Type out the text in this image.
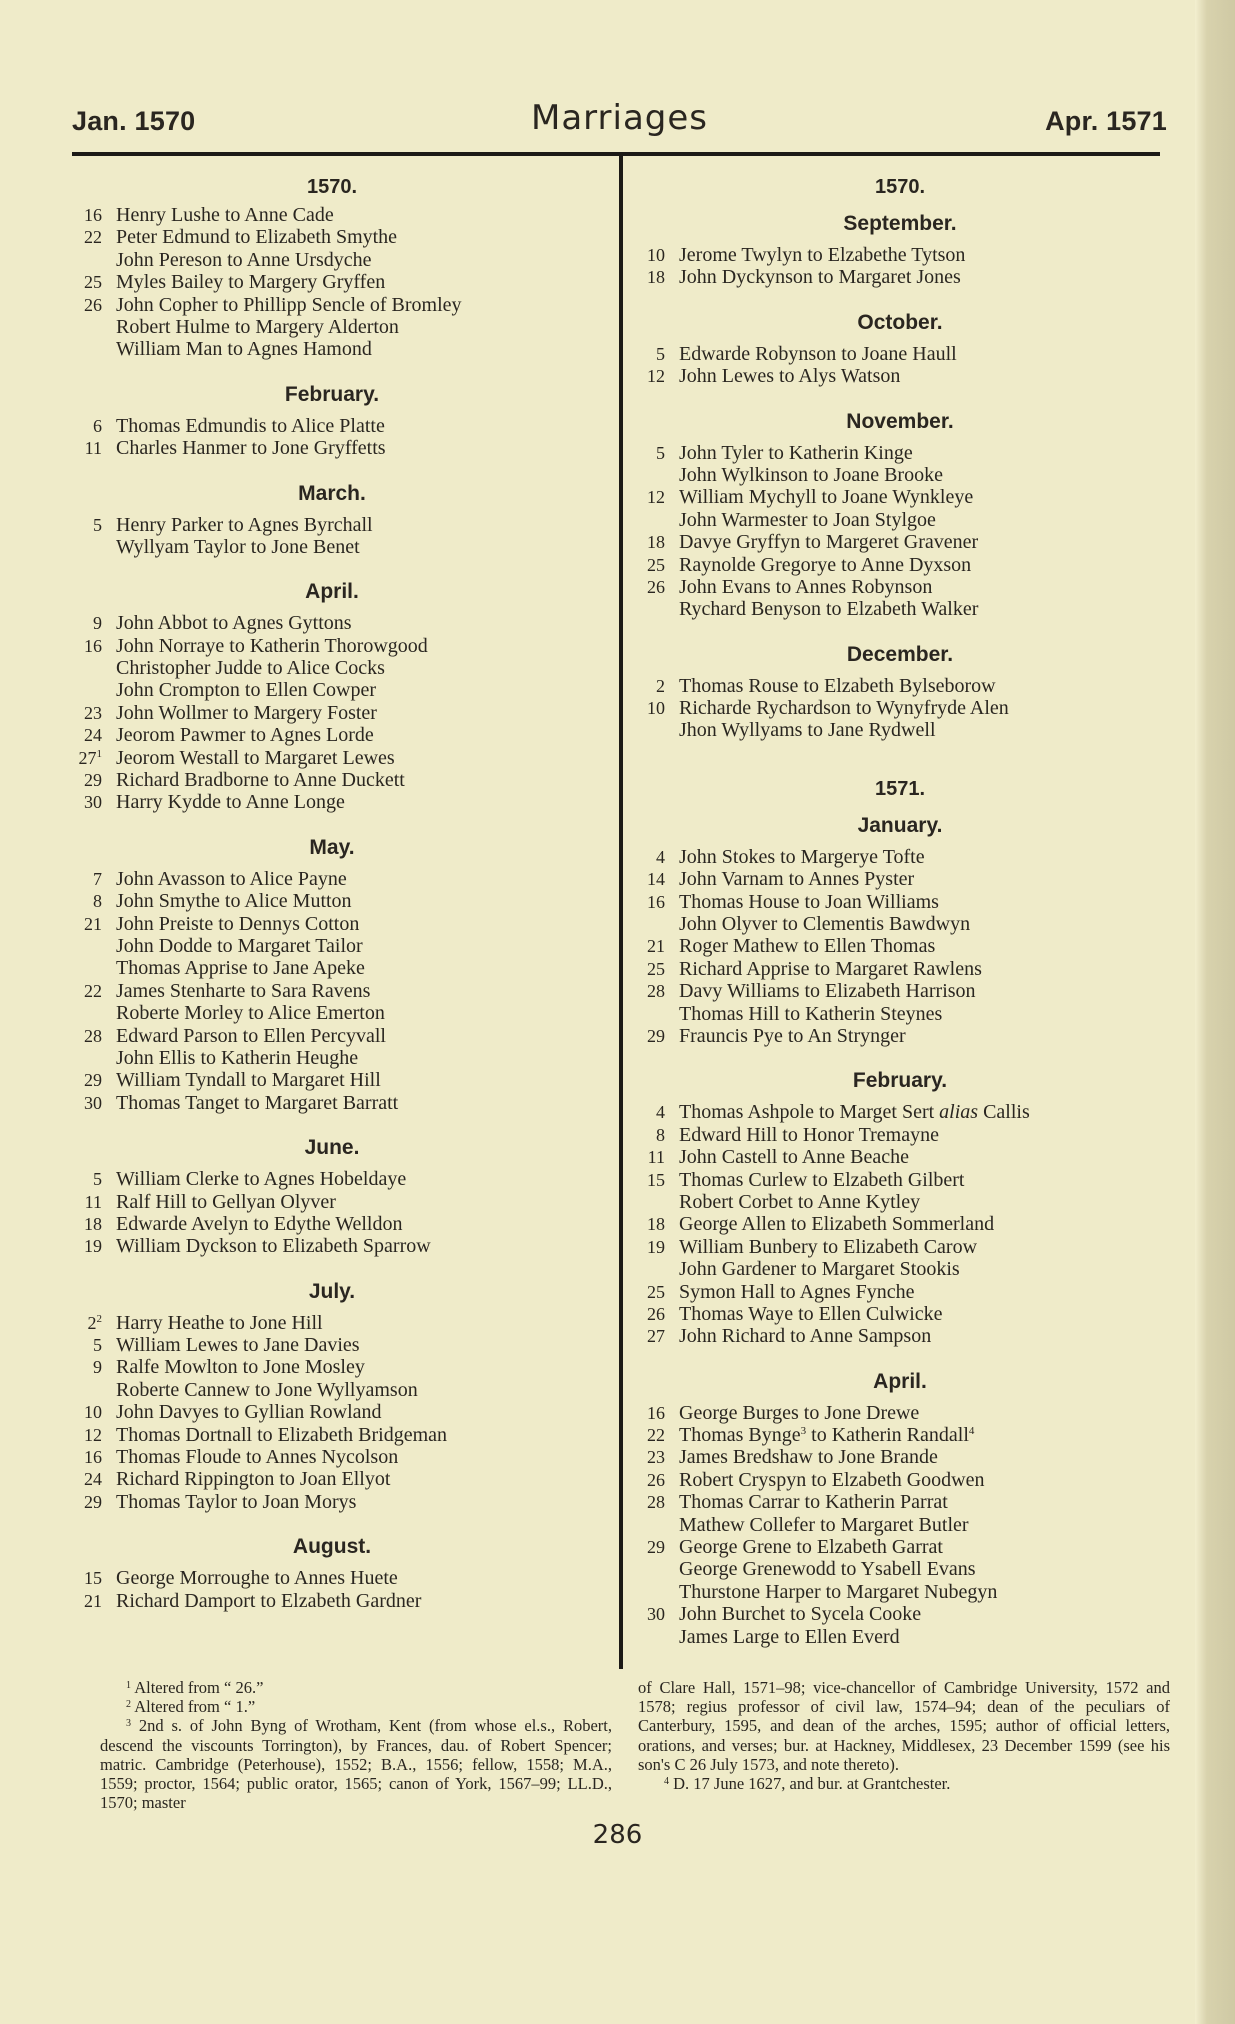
Jan. 1570	Marriages	Apr. 1571
1570.
16 Henry Lushe to Anne Cade
22 Peter Edmund to Elizabeth Smythe
John Pereson to Anne Ursdyche
25 Myles Bailey to Margery Gryffen
26 John Copher to Phillipp Sencle of Bromley
Robert Hulme to Margery Alderton
William Man to Agnes Hamond
February.
6 Thomas Edmundis to Alice Platte
11 Charles Hanmer to Jone Gryffetts
March.
5 Henry Parker to Agnes Byrchall
Wyllyam Taylor to Jone Benet
April.
9 John Abbot to Agnes Gyttons
16 John Norraye to Katherin Thorowgood
Christopher Judde to Alice Cocks
John Crompton to Ellen Cowper
23 John Wollmer to Margery Foster
24 Jeorom Pawmer to Agnes Lorde
$27^1$ Jeorom Westall to Margaret Lewes
29 Richard Bradborne to Anne Duckett
30 Harry Kydde to Anne Longe
May.
7 John Avasson to Alice Payne
8 John Smythe to Alice Mutton
21 John Preiste to Dennys Cotton
John Dodde to Margaret Tailor
Thomas Apprise to Jane Apeke
22 James Stenharte to Sara Ravens
Roberte Morley to Alice Emerton
28 Edward Parson to Ellen Percyvall
John Ellis to Katherin Heughe
29 William Tyndall to Margaret Hill
30 Thomas Tanget to Margaret Barratt
June.
5 William Clerke to Agnes Hobeldaye
11 Ralf Hill to Gellyan Olyver
18 Edwarde Avelyn to Edythe Welldon
19 William Dyckson to Elizabeth Sparrow
July.
$2^2$ Harry Heathe to Jone Hill
5 William Lewes to Jane Davies
9 Ralfe Mowlton to Jone Mosley
Roberte Cannew to Jone Wyllyamson
10 John Davyes to Gyllian Rowland
12 Thomas Dortnall to Elizabeth Bridgeman
16 Thomas Floude to Annes Nycolson
24 Richard Rippington to Joan Ellyot
29 Thomas Taylor to Joan Morys
August.
15 George Morroughe to Annes Huete
21 Richard Damport to Elzabeth Gardner
1570.
September.
10 Jerome Twylyn to Elzabethe Tytson
18 John Dyckynson to Margaret Jones
October.
5 Edwarde Robynson to Joane Haull
12 John Lewes to Alys Watson
November.
5 John Tyler to Katherin Kinge
John Wylkinson to Joane Brooke
12 William Mychyll to Joane Wynkleye
John Warmester to Joan Stylgoe
18 Davye Gryffyn to Margeret Gravener
25 Raynolde Gregorye to Anne Dyxson
26 John Evans to Annes Robynson
Rychard Benyson to Elzabeth Walker
December.
2 Thomas Rouse to Elzabeth Bylseborow
10 Richarde Rychardson to Wynyfryde Alen
Jhon Wyllyams to Jane Rydwell
1571.
January.
4 John Stokes to Margerye Tofte
14 John Varnam to Annes Pyster
16 Thomas House to Joan Williams
John Olyver to Clementis Bawdwyn
21 Roger Mathew to Ellen Thomas
25 Richard Apprise to Margaret Rawlens
28 Davy Williams to Elizabeth Harrison
Thomas Hill to Katherin Steynes
29 Frauncis Pye to An Strynger
February.
4 Thomas Ashpole to Marget Sert alias Callis
8 Edward Hill to Honor Tremayne
11 John Castell to Anne Beache
15 Thomas Curlew to Elzabeth Gilbert
Robert Corbet to Anne Kytley
18 George Allen to Elizabeth Sommerland
19 William Bunbery to Elizabeth Carow
John Gardener to Margaret Stookis
25 Symon Hall to Agnes Fynche
26 Thomas Waye to Ellen Culwicke
27 John Richard to Anne Sampson
April.
16 George Burges to Jone Drewe
22 Thomas Bynge$^3$ to Katherin Randall$^4$
23 James Bredshaw to Jone Brande
26 Robert Cryspyn to Elzabeth Goodwen
28 Thomas Carrar to Katherin Parrat
Mathew Collefer to Margaret Butler
29 George Grene to Elzabeth Garrat
George Grenewodd to Ysabell Evans
Thurstone Harper to Margaret Nubegyn
30 John Burchet to Sycela Cooke
James Large to Ellen Everd

$^1$ Altered from “ 26.”

$^2$ Altered from “ 1.”

$^3$ 2nd s. of John Byng of Wrotham, Kent (from whose el.s., Robert, descend the viscounts Torrington), by Frances, dau. of Robert Spencer; matric. Cambridge (Peterhouse), 1552; B.A., 1556; fellow, 1558; M.A., 1559; proctor, 1564; public orator, 1565; canon of York, 1567–99; LL.D., 1570; master

of Clare Hall, 1571–98; vice-chancellor of Cambridge University, 1572 and 1578; regius professor of civil law, 1574–94; dean of the peculiars of Canterbury, 1595, and dean of the arches, 1595; author of official letters, orations, and verses; bur. at Hackney, Middlesex, 23 December 1599 (see his son's C 26 July 1573, and note thereto).

$^4$ D. 17 June 1627, and bur. at Grantchester.

286
